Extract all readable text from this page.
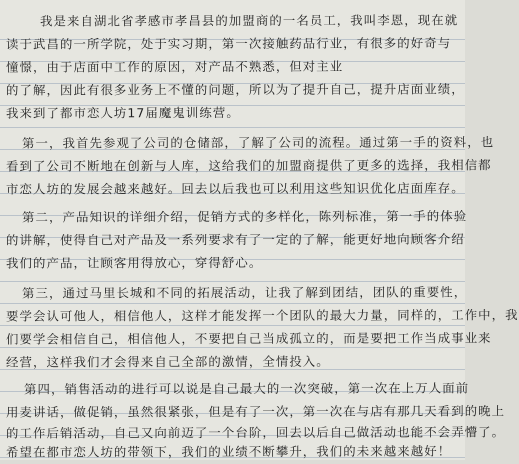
我是来自湖北省孝感市孝昌县的加盟商的一名员工，我叫李恩，现在就
读于武昌的一所学院，处于实习期，第一次接触药品行业，有很多的好奇与
憧憬，由于店面中工作的原因，对产品不熟悉，但对主业
的了解，因此有很多业务上不懂的问题，所以为了提升自己，提升店面业绩，
我来到了都市恋人坊17届魔鬼训练营。
第一，我首先参观了公司的仓储部，了解了公司的流程。通过第一手的资料，也
看到了公司不断地在创新与人库，这给我们的加盟商提供了更多的选择，我相信都
市恋人坊的发展会越来越好。回去以后我也可以利用这些知识优化店面库存。
第二，产品知识的详细介绍，促销方式的多样化，陈列标准，第一手的体验
的讲解，使得自己对产品及一系列要求有了一定的了解，能更好地向顾客介绍
我们的产品，让顾客用得放心，穿得舒心。
第三，通过马里长城和不同的拓展活动，让我了解到团结，团队的重要性，
要学会认可他人，相信他人，这样才能发挥一个团队的最大力量，同样的，工作中，我
们要学会相信自己，相信他人，不要把自己当成孤立的，而是要把工作当成事业来
经营，这样我们才会得来自己全部的激情，全情投入。
第四，销售活动的进行可以说是自己最大的一次突破，第一次在上万人面前
用麦讲话，做促销，虽然很紧张，但是有了一次，第一次在与店有那几天看到的晚上
的工作后销活动，自己又向前迈了一个台阶，回去以后自己做活动也能不会弄懵了。
希望在都市恋人坊的带领下，我们的业绩不断攀升，我们的未来越来越好！
